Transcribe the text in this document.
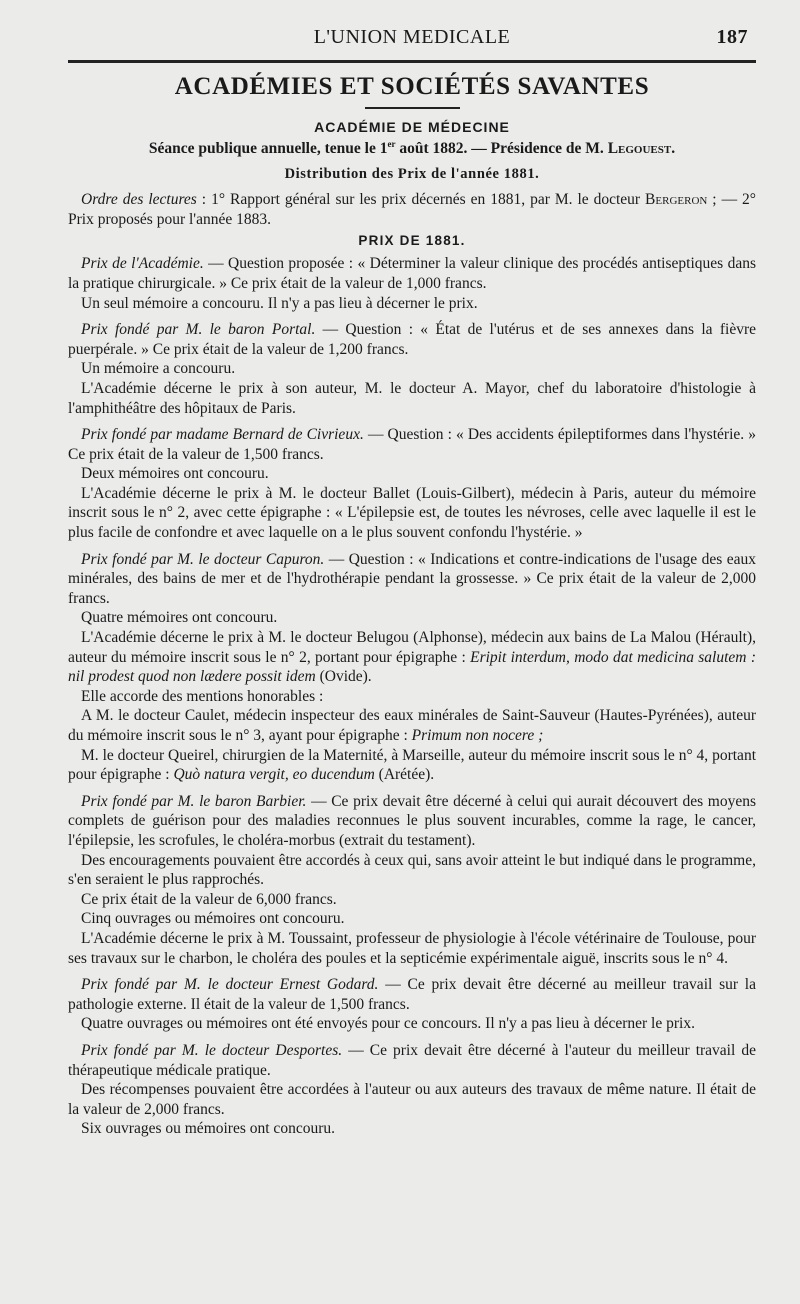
L'UNION MEDICALE	187
ACADÉMIES ET SOCIÉTÉS SAVANTES
ACADÉMIE DE MÉDECINE
Séance publique annuelle, tenue le 1er août 1882. — Présidence de M. Legouest.
Distribution des Prix de l'année 1881.

Ordre des lectures : 1° Rapport général sur les prix décernés en 1881, par M. le docteur Bergeron ; — 2° Prix proposés pour l'année 1883.

PRIX DE 1881.

Prix de l'Académie. — Question proposée : « Déterminer la valeur clinique des procédés antiseptiques dans la pratique chirurgicale. » Ce prix était de la valeur de 1,000 francs.

Un seul mémoire a concouru. Il n'y a pas lieu à décerner le prix.

Prix fondé par M. le baron Portal. — Question : « État de l'utérus et de ses annexes dans la fièvre puerpérale. » Ce prix était de la valeur de 1,200 francs.

Un mémoire a concouru.

L'Académie décerne le prix à son auteur, M. le docteur A. Mayor, chef du laboratoire d'histologie à l'amphithéâtre des hôpitaux de Paris.

Prix fondé par madame Bernard de Civrieux. — Question : « Des accidents épileptiformes dans l'hystérie. » Ce prix était de la valeur de 1,500 francs.

Deux mémoires ont concouru.

L'Académie décerne le prix à M. le docteur Ballet (Louis-Gilbert), médecin à Paris, auteur du mémoire inscrit sous le n° 2, avec cette épigraphe : « L'épilepsie est, de toutes les névroses, celle avec laquelle il est le plus facile de confondre et avec laquelle on a le plus souvent confondu l'hystérie. »

Prix fondé par M. le docteur Capuron. — Question : « Indications et contre-indications de l'usage des eaux minérales, des bains de mer et de l'hydrothérapie pendant la grossesse. » Ce prix était de la valeur de 2,000 francs.

Quatre mémoires ont concouru.

L'Académie décerne le prix à M. le docteur Belugou (Alphonse), médecin aux bains de La Malou (Hérault), auteur du mémoire inscrit sous le n° 2, portant pour épigraphe : Eripit interdum, modo dat medicina salutem : nil prodest quod non lædere possit idem (Ovide).

Elle accorde des mentions honorables :

A M. le docteur Caulet, médecin inspecteur des eaux minérales de Saint-Sauveur (Hautes-Pyrénées), auteur du mémoire inscrit sous le n° 3, ayant pour épigraphe : Primum non nocere ;

M. le docteur Queirel, chirurgien de la Maternité, à Marseille, auteur du mémoire inscrit sous le n° 4, portant pour épigraphe : Quò natura vergit, eo ducendum (Arétée).

Prix fondé par M. le baron Barbier. — Ce prix devait être décerné à celui qui aurait découvert des moyens complets de guérison pour des maladies reconnues le plus souvent incurables, comme la rage, le cancer, l'épilepsie, les scrofules, le choléra-morbus (extrait du testament).

Des encouragements pouvaient être accordés à ceux qui, sans avoir atteint le but indiqué dans le programme, s'en seraient le plus rapprochés.

Ce prix était de la valeur de 6,000 francs.

Cinq ouvrages ou mémoires ont concouru.

L'Académie décerne le prix à M. Toussaint, professeur de physiologie à l'école vétérinaire de Toulouse, pour ses travaux sur le charbon, le choléra des poules et la septicémie expérimentale aiguë, inscrits sous le n° 4.

Prix fondé par M. le docteur Ernest Godard. — Ce prix devait être décerné au meilleur travail sur la pathologie externe. Il était de la valeur de 1,500 francs.

Quatre ouvrages ou mémoires ont été envoyés pour ce concours. Il n'y a pas lieu à décerner le prix.

Prix fondé par M. le docteur Desportes. — Ce prix devait être décerné à l'auteur du meilleur travail de thérapeutique médicale pratique.

Des récompenses pouvaient être accordées à l'auteur ou aux auteurs des travaux de même nature. Il était de la valeur de 2,000 francs.

Six ouvrages ou mémoires ont concouru.
